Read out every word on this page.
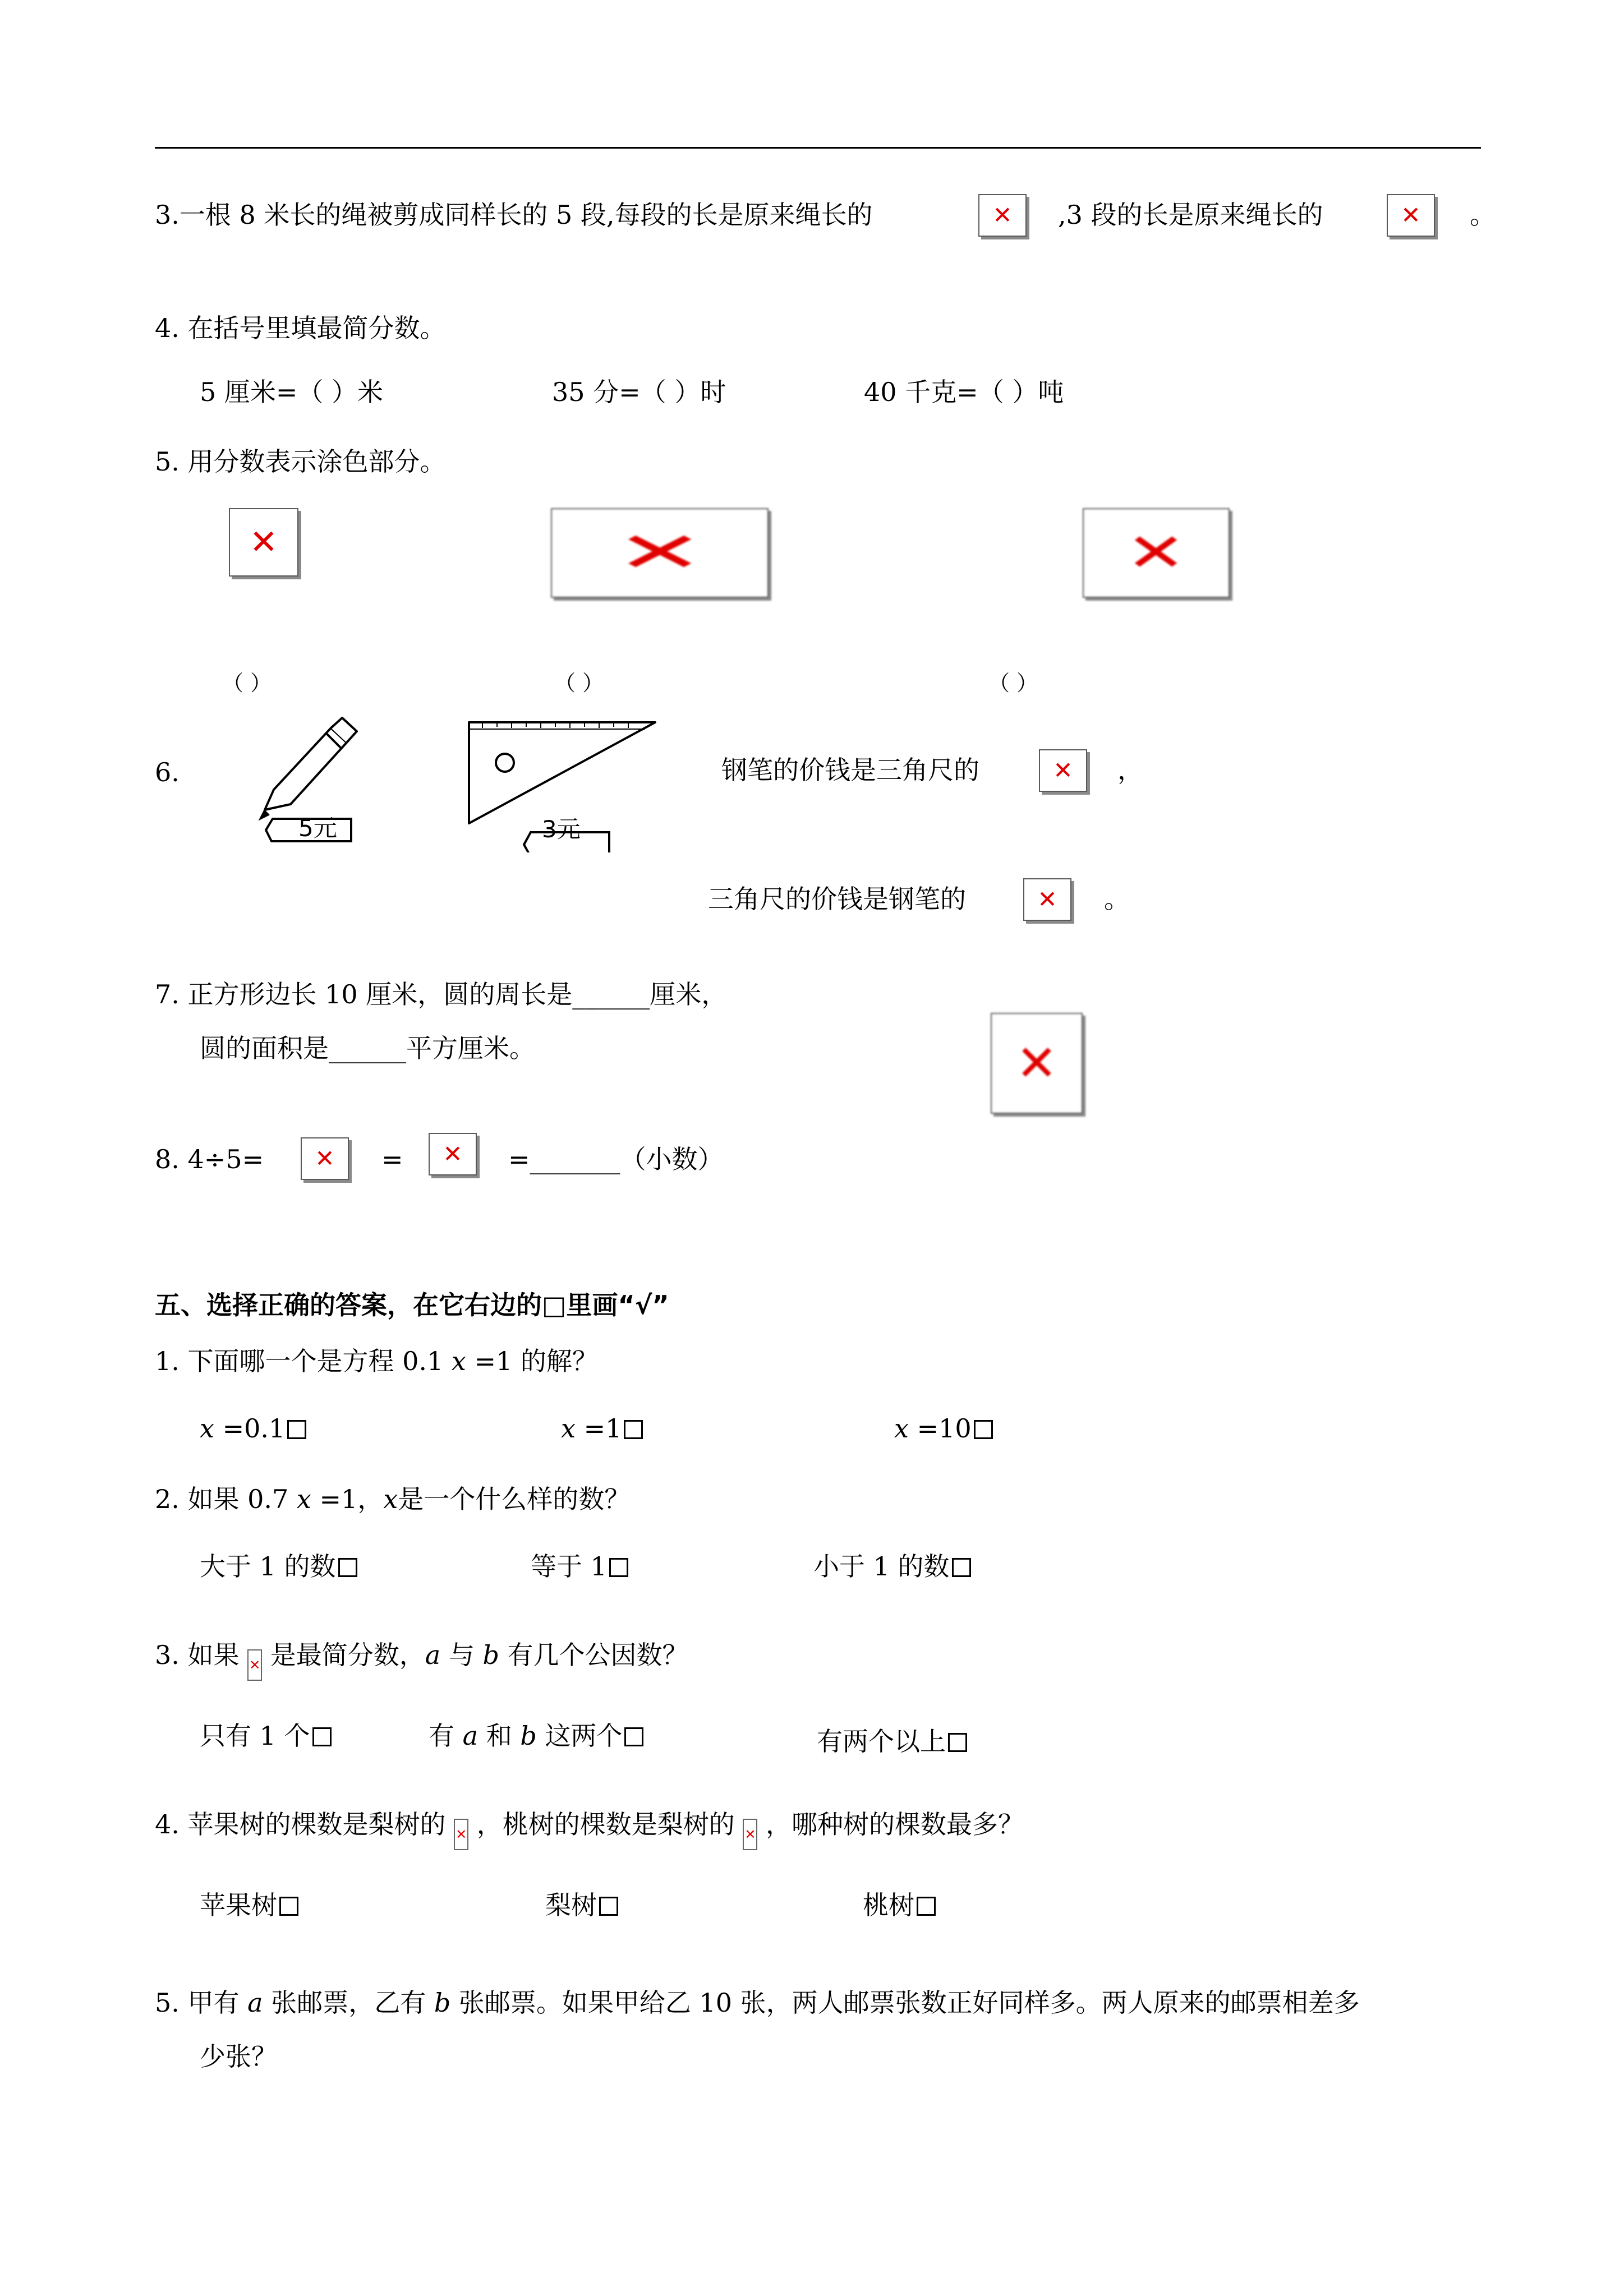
3.一根 8 米长的绳被剪成同样长的 5 段,每段的长是原来绳长的	✕ ,3 段的长是原来绳长的	✕ 。
4. 在括号里填最简分数。
5 厘米=（ ）米	35 分=（ ）时	40 千克=（ ）吨
5. 用分数表示涂色部分。
✕	✕	✕
（ ）	（ ）	（ ）
6.
5元	3元
钢笔的价钱是三角尺的	✕ ，
三角尺的价钱是钢笔的	✕ 。
7. 正方形边长 10 厘米，圆的周长是______厘米，
圆的面积是______平方厘米。	✕
8. 4÷5= ✕ = ✕ =_______（小数）
五、选择正确的答案，在它右边的□里画“√”
1. 下面哪一个是方程 0.1 x =1 的解？
x =0.1	x =1	x =10
2. 如果 0.7 x =1，x是一个什么样的数？
大于 1 的数	等于 1	小于 1 的数
3. 如果 ✕ 是最简分数，a 与 b 有几个公因数？
只有 1 个	有 a 和 b 这两个	有两个以上
4. 苹果树的棵数是梨树的 ✕ ，桃树的棵数是梨树的 ✕ ，哪种树的棵数最多？
苹果树	梨树	桃树
5. 甲有 a 张邮票，乙有 b 张邮票。如果甲给乙 10 张，两人邮票张数正好同样多。两人原来的邮票相差多
少张？
